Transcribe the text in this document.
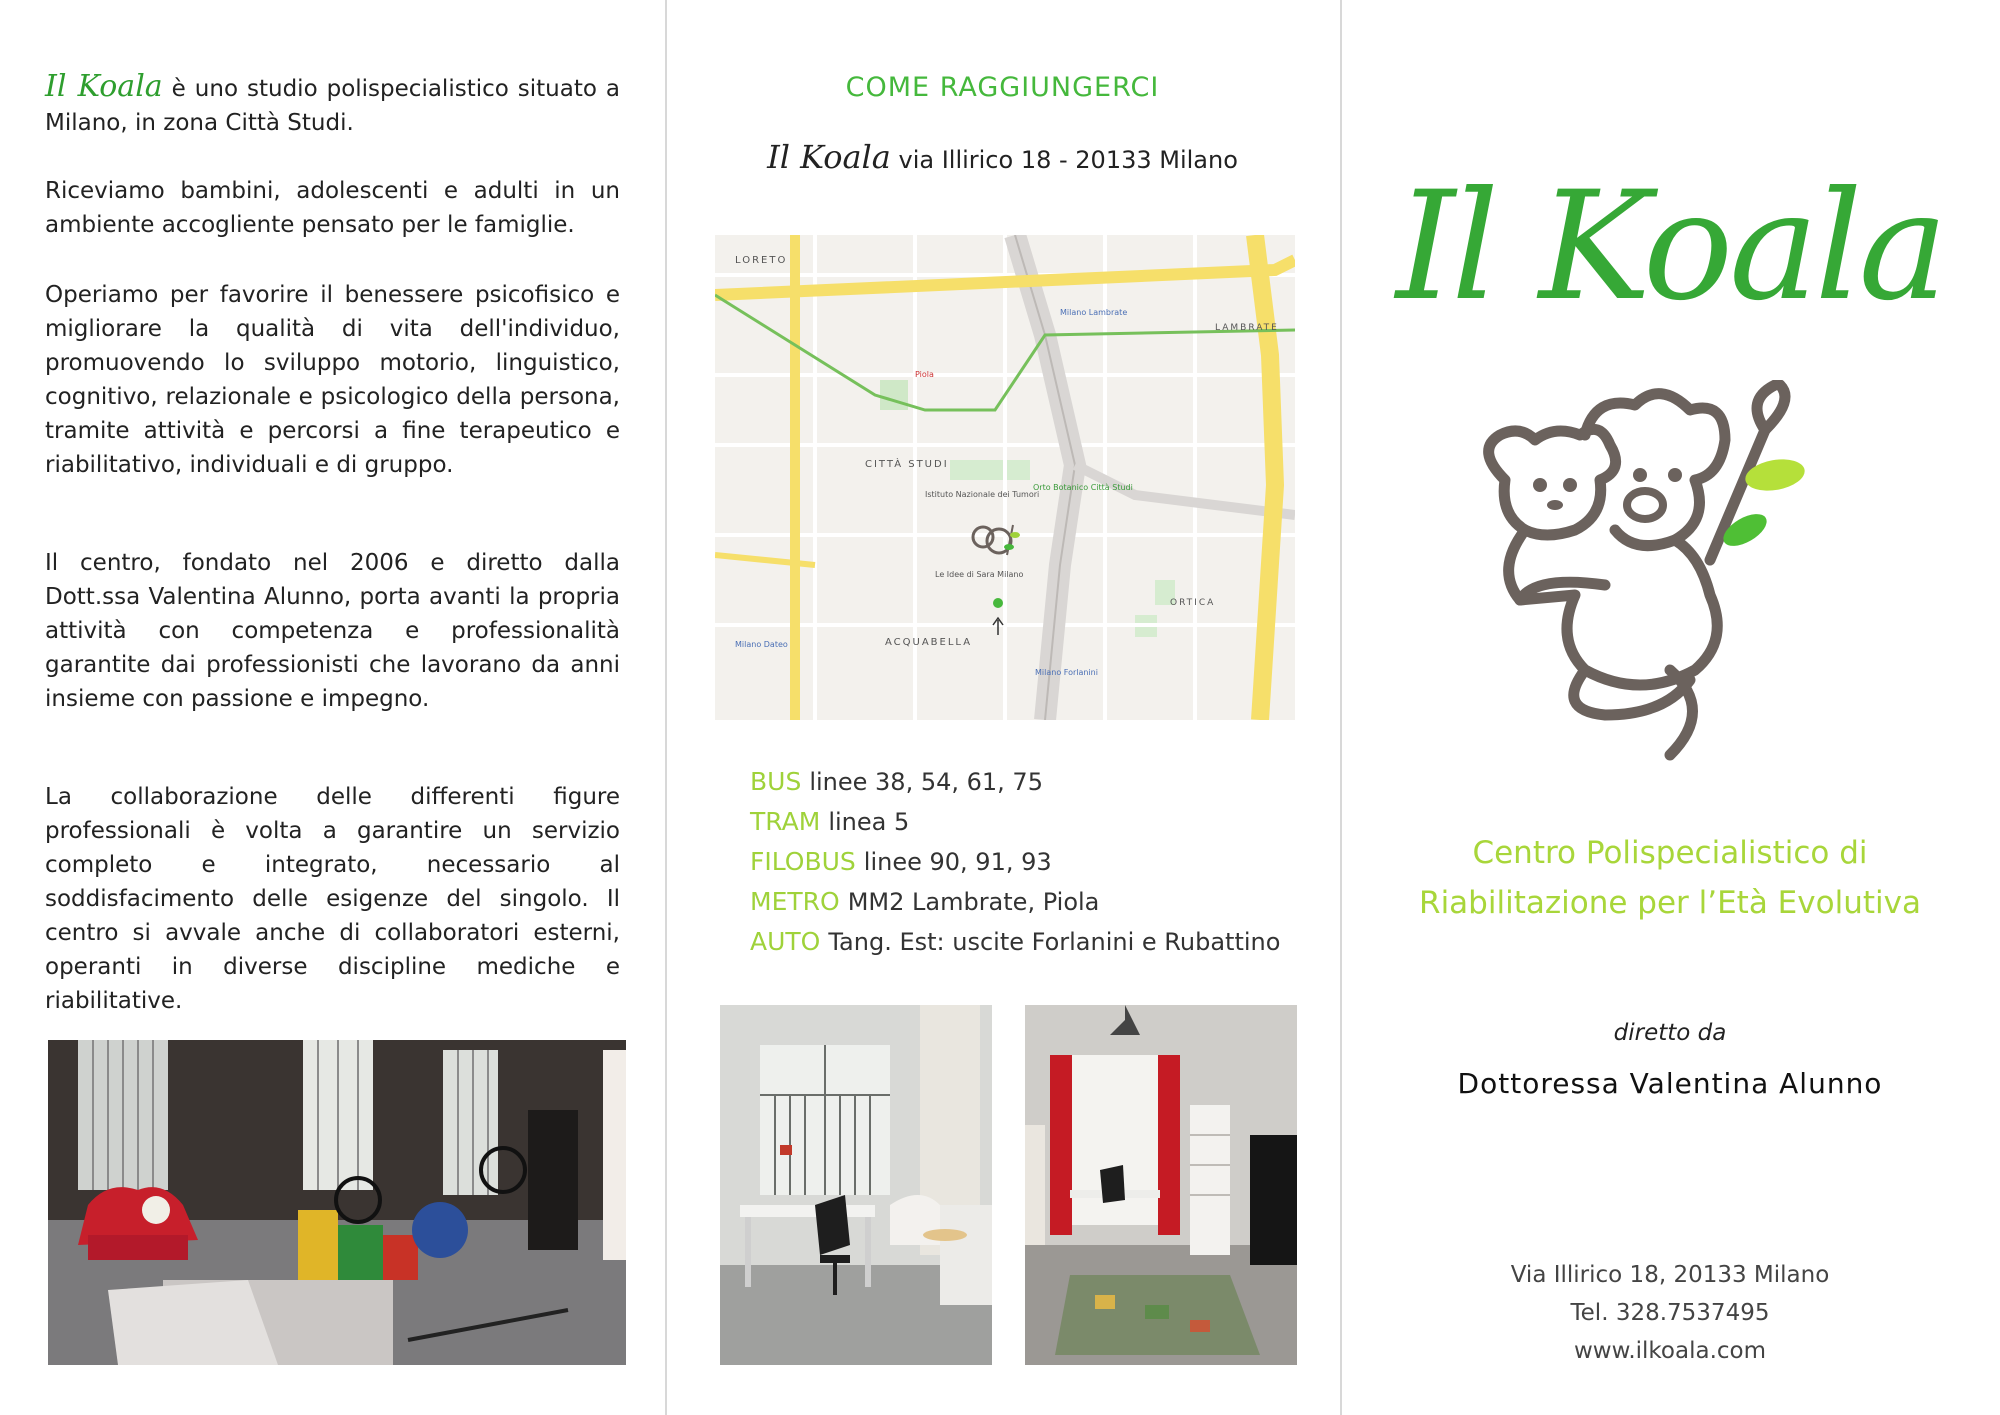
Il Koala è uno studio polispecialistico situato a Milano, in zona Città Studi.

Riceviamo bambini, adolescenti e adulti in un ambiente accogliente pensato per le famiglie.

Operiamo per favorire il benessere psicofisico e migliorare la qualità di vita dell'individuo, promuovendo lo sviluppo motorio, linguistico, cognitivo, relazionale e psicologico della persona, tramite attività e percorsi a fine terapeutico e riabilitativo, individuali e di gruppo.

Il centro, fondato nel 2006 e diretto dalla Dott.ssa Valentina Alunno, porta avanti la propria attività con competenza e professionalità garantite dai professionisti che lavorano da anni insieme con passione e impegno.

La collaborazione delle differenti figure professionali è volta a garantire un servizio completo e integrato, necessario al soddisfacimento delle esigenze del singolo. Il centro si avvale anche di collaboratori esterni, operanti in diverse discipline mediche e riabilitative.

COME RAGGIUNGERCI
Il Koala via Illirico 18 - 20133 Milano
LORETO
CITTÀ STUDI
LAMBRATE
ACQUABELLA
ORTICA
Piola
Milano Lambrate
Milano Forlanini
Milano Dateo
Orto Botanico Città Studi
Istituto Nazionale dei Tumori
Le Idee di Sara Milano
BUS linee 38, 54, 61, 75
TRAM linea 5
FILOBUS linee 90, 91, 93
METRO MM2 Lambrate, Piola
AUTO Tang. Est: uscite Forlanini e Rubattino
Il Koala
Centro Polispecialistico di
Riabilitazione per l’Età Evolutiva
diretto da
Dottoressa Valentina Alunno
Via Illirico 18, 20133 Milano
Tel. 328.7537495
www.ilkoala.com
